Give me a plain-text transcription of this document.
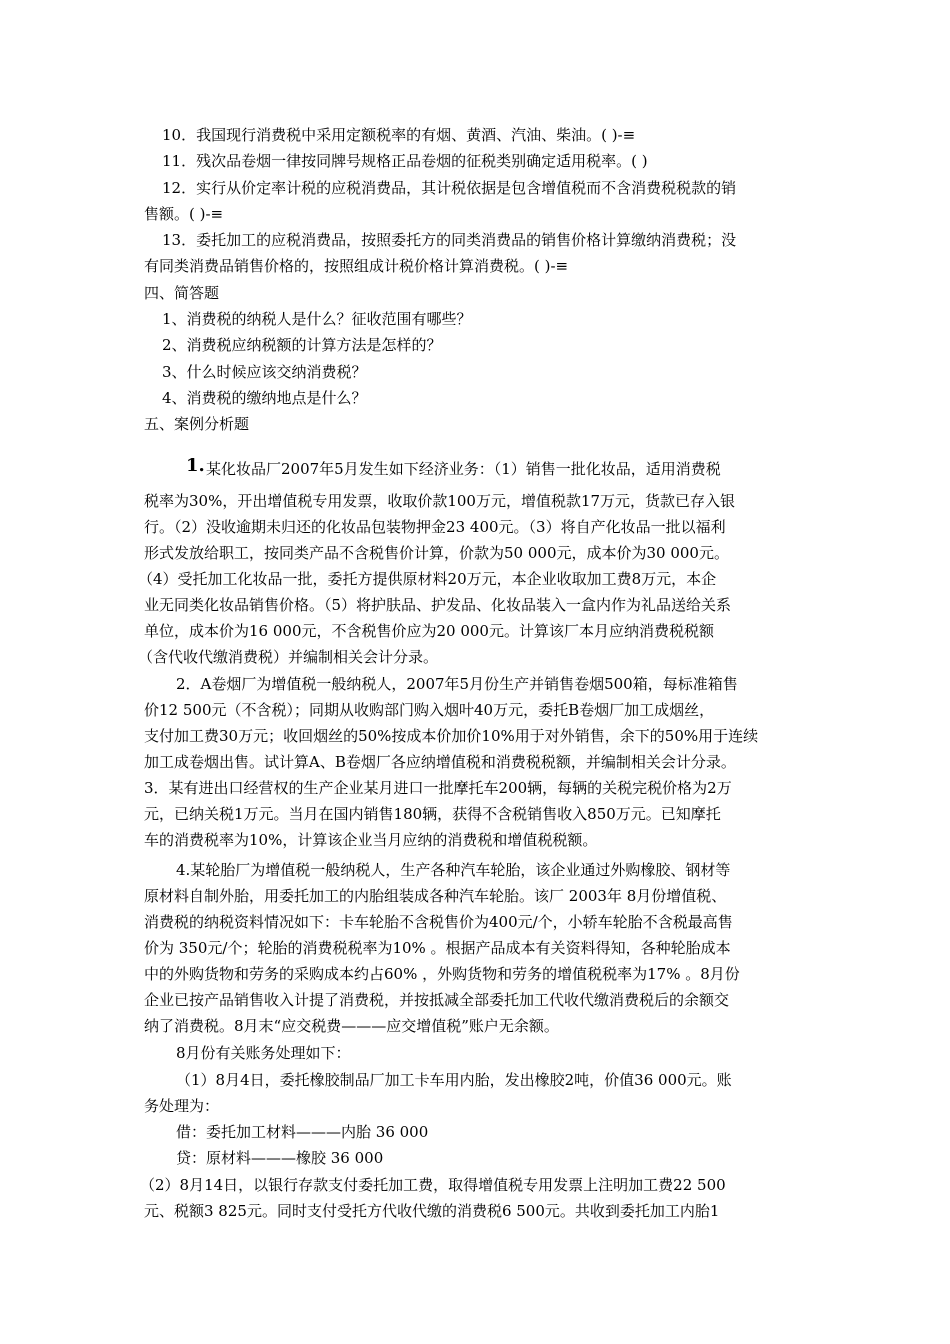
10．我国现行消费税中采用定额税率的有烟、黄酒、汽油、柴油。( )-≡
11．残次品卷烟一律按同牌号规格正品卷烟的征税类别确定适用税率。( )
12．实行从价定率计税的应税消费品，其计税依据是包含增值税而不含消费税税款的销
售额。( )-≡
13．委托加工的应税消费品，按照委托方的同类消费品的销售价格计算缴纳消费税；没
有同类消费品销售价格的，按照组成计税价格计算消费税。( )-≡
四、简答题
1、消费税的纳税人是什么？征收范围有哪些？
2、消费税应纳税额的计算方法是怎样的？
3、什么时候应该交纳消费税？
4、消费税的缴纳地点是什么？
五、案例分析题
1. 某化妆品厂2007年5月发生如下经济业务：（1）销售一批化妆品，适用消费税
税率为30%，开出增值税专用发票，收取价款100万元，增值税款17万元，货款已存入银
行。（2）没收逾期未归还的化妆品包装物押金23 400元。（3）将自产化妆品一批以福利
形式发放给职工，按同类产品不含税售价计算，价款为50 000元，成本价为30 000元。
（4）受托加工化妆品一批，委托方提供原材料20万元，本企业收取加工费8万元，本企
业无同类化妆品销售价格。（5）将护肤品、护发品、化妆品装入一盒内作为礼品送给关系
单位，成本价为16 000元，不含税售价应为20 000元。计算该厂本月应纳消费税税额
（含代收代缴消费税）并编制相关会计分录。
2．A卷烟厂为增值税一般纳税人，2007年5月份生产并销售卷烟500箱，每标准箱售
价12 500元（不含税）；同期从收购部门购入烟叶40万元，委托B卷烟厂加工成烟丝，
支付加工费30万元；收回烟丝的50%按成本价加价10%用于对外销售，余下的50%用于连续
加工成卷烟出售。试计算A、B卷烟厂各应纳增值税和消费税税额，并编制相关会计分录。
3．某有进出口经营权的生产企业某月进口一批摩托车200辆，每辆的关税完税价格为2万
元，已纳关税1万元。当月在国内销售180辆，获得不含税销售收入850万元。已知摩托
车的消费税率为10%，计算该企业当月应纳的消费税和增值税税额。
4.某轮胎厂为增值税一般纳税人，生产各种汽车轮胎，该企业通过外购橡胶、钢材等
原材料自制外胎，用委托加工的内胎组装成各种汽车轮胎。该厂 2003年 8月份增值税、
消费税的纳税资料情况如下：卡车轮胎不含税售价为400元/个，小轿车轮胎不含税最高售
价为 350元/个；轮胎的消费税税率为10% 。根据产品成本有关资料得知，各种轮胎成本
中的外购货物和劳务的采购成本约占60% ，外购货物和劳务的增值税税率为17% 。8月份
企业已按产品销售收入计提了消费税，并按抵减全部委托加工代收代缴消费税后的余额交
纳了消费税。8月末“应交税费———应交增值税”账户无余额。
8月份有关账务处理如下：
（1）8月4日，委托橡胶制品厂加工卡车用内胎，发出橡胶2吨，价值36 000元。账
务处理为：
借：委托加工材料———内胎 36 000
贷：原材料———橡胶 36 000
（2）8月14日，以银行存款支付委托加工费，取得增值税专用发票上注明加工费22 500
元、税额3 825元。同时支付受托方代收代缴的消费税6 500元。共收到委托加工内胎1
